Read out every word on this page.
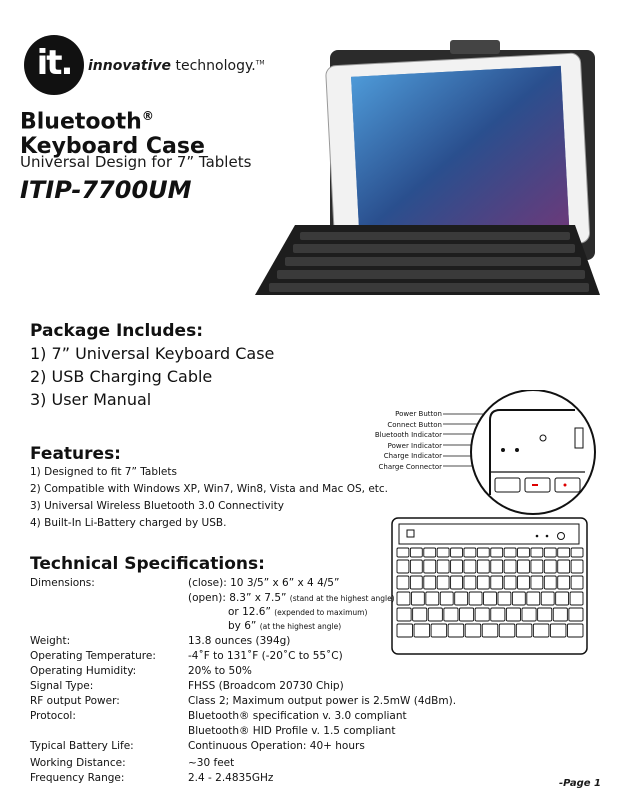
it.	innovative technology.™
Bluetooth®
Keyboard Case
Universal Design for 7” Tablets
ITIP-7700UM
Package Includes:
1) 7” Universal Keyboard Case
2) USB Charging Cable
3) User Manual
Features:
1) Designed to fit 7” Tablets
2) Compatible with Windows XP, Win7, Win8, Vista and Mac OS, etc.
3) Universal Wireless Bluetooth 3.0 Connectivity
4) Built-In Li-Battery charged by USB.
Power Button
Connect Button
Bluetooth Indicator
Power Indicator
Charge Indicator
Charge Connector
Technical Specifications:
Dimensions:	(close): 10 3/5” x 6” x 4 4/5”
(open): 8.3” x 7.5” (stand at the highest angle)
or 12.6” (expended to maximum)
by 6” (at the highest angle)
Weight:	13.8 ounces (394g)
Operating Temperature:	-4˚F to 131˚F (-20˚C to 55˚C)
Operating Humidity:	20% to 50%
Signal Type:	FHSS (Broadcom 20730 Chip)
RF output Power:	Class 2; Maximum output power is 2.5mW (4dBm).
Protocol:	Bluetooth® specification v. 3.0 compliant
Bluetooth® HID Profile v. 1.5 compliant
Typical Battery Life:	Continuous Operation: 40+ hours
Working Distance:	~30 feet
Frequency Range:	2.4 - 2.4835GHz	-Page 1
